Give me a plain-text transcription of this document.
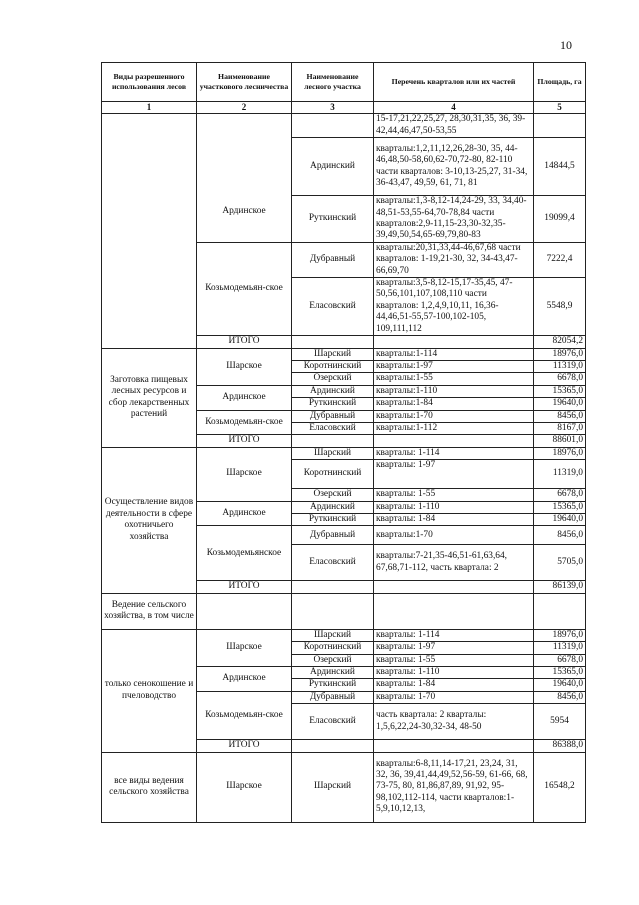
10
Виды разрешенного использования лесов	Наименование участкового лесничества	Наименование лесного участка	Перечень кварталов или их частей	Площадь, га
1	2	3	4	5
	Ардинское		15-17,21,22,25,27, 28,30,31,35, 36, 39-42,44,46,47,50-53,55	
		Ардинский	кварталы:1,2,11,12,26,28-30, 35, 44-46,48,50-58,60,62-70,72-80, 82-110 части кварталов: 3-10,13-25,27, 31-34, 36-43,47, 49,59, 61, 71, 81	14844,5
		Руткинский	кварталы:1,3-8,12-14,24-29, 33, 34,40-48,51-53,55-64,70-78,84 части кварталов:2,9-11,15-23,30-32,35-39,49,50,54,65-69,79,80-83	19099,4
	Козьмодемьян-ское	Дубравный	кварталы:20,31,33,44-46,67,68 части кварталов: 1-19,21-30, 32, 34-43,47-66,69,70	7222,4
		Еласовский	кварталы:3,5-8,12-15,17-35,45, 47-50,56,101,107,108,110 части кварталов: 1,2,4,9,10,11, 16,36-44,46,51-55,57-100,102-105, 109,111,112	5548,9
	ИТОГО			82054,2
Заготовка пищевых лесных ресурсов и сбор лекарственных растений	Шарское	Шарский	кварталы:1-114	18976,0
		Коротнинский	кварталы:1-97	11319,0
		Озерский	кварталы:1-55	6678,0
	Ардинское	Ардинский	кварталы:1-110	15365,0
		Руткинский	кварталы:1-84	19640,0
	Козьмодемьян-ское	Дубравный	кварталы:1-70	8456,0
		Еласовский	кварталы:1-112	8167,0
	ИТОГО			88601,0
Осуществление видов деятельности в сфере охотничьего хозяйства	Шарское	Шарский	кварталы: 1-114	18976,0
		Коротнинский	кварталы: 1-97	11319,0
		Озерский	кварталы: 1-55	6678,0
	Ардинское	Ардинский	кварталы: 1-110	15365,0
		Руткинский	кварталы: 1-84	19640,0
	Козьмодемьянское	Дубравный	кварталы:1-70	8456,0
		Еласовский	кварталы:7-21,35-46,51-61,63,64, 67,68,71-112, часть квартала: 2	5705,0
	ИТОГО			86139,0
Ведение сельского хозяйства, в том числе				
только сенокошение и пчеловодство	Шарское	Шарский	кварталы: 1-114	18976,0
		Коротнинский	кварталы: 1-97	11319,0
		Озерский	кварталы: 1-55	6678,0
	Ардинское	Ардинский	кварталы: 1-110	15365,0
		Руткинский	кварталы: 1-84	19640,0
	Козьмодемьян-ское	Дубравный	кварталы: 1-70	8456,0
		Еласовский	часть квартала: 2 кварталы: 1,5,6,22,24-30,32-34, 48-50	5954
	ИТОГО			86388,0
все виды ведения сельского хозяйства	Шарское	Шарский	кварталы:6-8,11,14-17,21, 23,24, 31, 32, 36, 39,41,44,49,52,56-59, 61-66, 68, 73-75, 80, 81,86,87,89, 91,92, 95-98,102,112-114, части кварталов:1-5,9,10,12,13,	16548,2
